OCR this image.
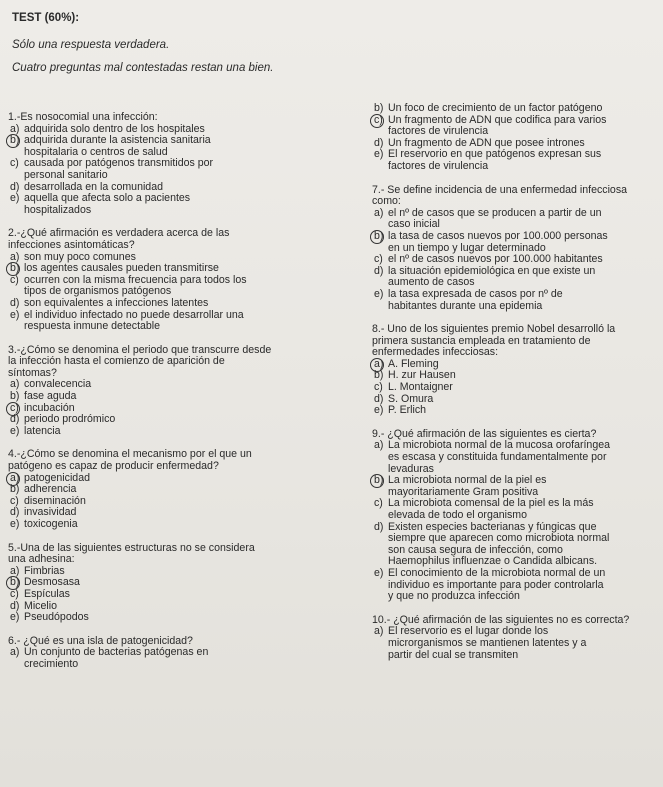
TEST (60%):
Sólo una respuesta verdadera.
Cuatro preguntas mal contestadas restan una bien.
1.-Es nosocomial una infección:
a) adquirida solo dentro de los hospitales
b) adquirida durante la asistencia sanitaria
hospitalaria o centros de salud
c) causada por patógenos transmitidos por
personal sanitario
d) desarrollada en la comunidad
e) aquella que afecta solo a pacientes
hospitalizados
2.-¿Qué afirmación es verdadera acerca de las
infecciones asintomáticas?
a) son muy poco comunes
b) los agentes causales pueden transmitirse
c) ocurren con la misma frecuencia para todos los
tipos de organismos patógenos
d) son equivalentes a infecciones latentes
e) el individuo infectado no puede desarrollar una
respuesta inmune detectable
3.-¿Cómo se denomina el periodo que transcurre desde
la infección hasta el comienzo de aparición de
síntomas?
a) convalecencia
b) fase aguda
c) incubación
d) periodo prodrómico
e) latencia
4.-¿Cómo se denomina el mecanismo por el que un
patógeno es capaz de producir enfermedad?
a) patogenicidad
b) adherencia
c) diseminación
d) invasividad
e) toxicogenia
5.-Una de las siguientes estructuras no se considera
una adhesina:
a) Fimbrias
b) Desmosasa
c) Espículas
d) Micelio
e) Pseudópodos
6.- ¿Qué es una isla de patogenicidad?
a) Un conjunto de bacterias patógenas en
crecimiento
b) Un foco de crecimiento de un factor patógeno
c) Un fragmento de ADN que codifica para varios
factores de virulencia
d) Un fragmento de ADN que posee intrones
e) El reservorio en que patógenos expresan sus
factores de virulencia
7.- Se define incidencia de una enfermedad infecciosa
como:
a) el nº de casos que se producen a partir de un
caso inicial
b) la tasa de casos nuevos por 100.000 personas
en un tiempo y lugar determinado
c) el nº de casos nuevos por 100.000 habitantes
d) la situación epidemiológica en que existe un
aumento de casos
e) la tasa expresada de casos por nº de
habitantes durante una epidemia
8.- Uno de los siguientes premio Nobel desarrolló la
primera sustancia empleada en tratamiento de
enfermedades infecciosas:
a) A. Fleming
b) H. zur Hausen
c) L. Montaigner
d) S. Omura
e) P. Erlich
9.- ¿Qué afirmación de las siguientes es cierta?
a) La microbiota normal de la mucosa orofaríngea
es escasa y constituida fundamentalmente por
levaduras
b) La microbiota normal de la piel es
mayoritariamente Gram positiva
c) La microbiota comensal de la piel es la más
elevada de todo el organismo
d) Existen especies bacterianas y fúngicas que
siempre que aparecen como microbiota normal
son causa segura de infección, como
Haemophilus influenzae o Candida albicans.
e) El conocimiento de la microbiota normal de un
individuo es importante para poder controlarla
y que no produzca infección
10.- ¿Qué afirmación de las siguientes no es correcta?
a) El reservorio es el lugar donde los
microrganismos se mantienen latentes y a
partir del cual se transmiten
